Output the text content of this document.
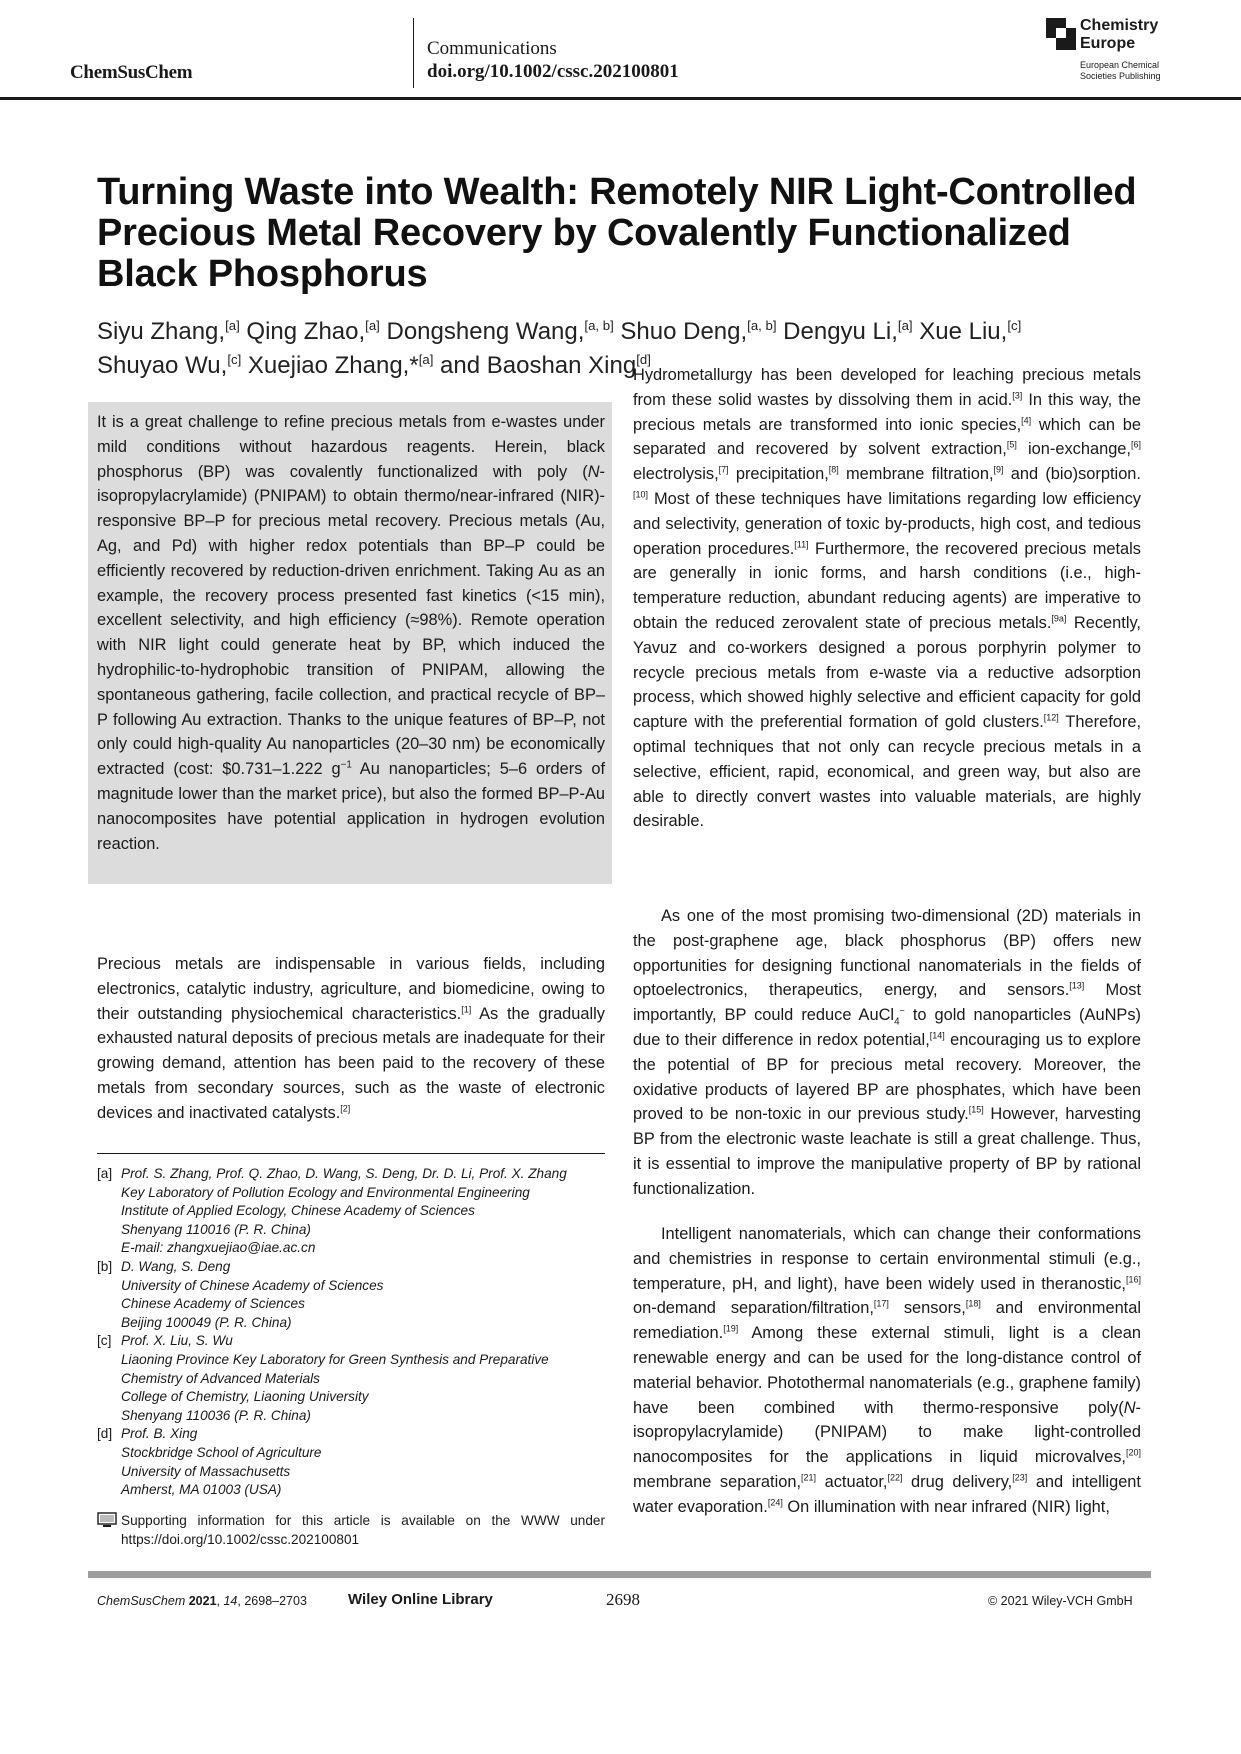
ChemSusChem
Communications
doi.org/10.1002/cssc.202100801
Chemistry
Europe
European Chemical
Societies Publishing
Turning Waste into Wealth: Remotely NIR Light-Controlled Precious Metal Recovery by Covalently Functionalized Black Phosphorus
Siyu Zhang,[a] Qing Zhao,[a] Dongsheng Wang,[a, b] Shuo Deng,[a, b] Dengyu Li,[a] Xue Liu,[c]
Shuyao Wu,[c] Xuejiao Zhang,*[a] and Baoshan Xing[d]
It is a great challenge to refine precious metals from e-wastes under mild conditions without hazardous reagents. Herein, black phosphorus (BP) was covalently functionalized with poly (N-isopropylacrylamide) (PNIPAM) to obtain thermo/near-infrared (NIR)-responsive BP–P for precious metal recovery. Precious metals (Au, Ag, and Pd) with higher redox potentials than BP–P could be efficiently recovered by reduction-driven enrichment. Taking Au as an example, the recovery process presented fast kinetics (<15 min), excellent selectivity, and high efficiency (≈98%). Remote operation with NIR light could generate heat by BP, which induced the hydrophilic-to-hydrophobic transition of PNIPAM, allowing the spontaneous gathering, facile collection, and practical recycle of BP–P following Au extraction. Thanks to the unique features of BP–P, not only could high-quality Au nanoparticles (20–30 nm) be economically extracted (cost: $0.731–1.222 $g^{-1}$ Au nanoparticles; 5–6 orders of magnitude lower than the market price), but also the formed BP–P-Au nanocomposites have potential application in hydrogen evolution reaction.
Precious metals are indispensable in various fields, including electronics, catalytic industry, agriculture, and biomedicine, owing to their outstanding physiochemical characteristics.[1] As the gradually exhausted natural deposits of precious metals are inadequate for their growing demand, attention has been paid to the recovery of these metals from secondary sources, such as the waste of electronic devices and inactivated catalysts.[2]
[a] Prof. S. Zhang, Prof. Q. Zhao, D. Wang, S. Deng, Dr. D. Li, Prof. X. Zhang
Key Laboratory of Pollution Ecology and Environmental Engineering
Institute of Applied Ecology, Chinese Academy of Sciences
Shenyang 110016 (P. R. China)
E-mail: zhangxuejiao@iae.ac.cn
[b] D. Wang, S. Deng
University of Chinese Academy of Sciences
Chinese Academy of Sciences
Beijing 100049 (P. R. China)
[c] Prof. X. Liu, S. Wu
Liaoning Province Key Laboratory for Green Synthesis and Preparative Chemistry of Advanced Materials
College of Chemistry, Liaoning University
Shenyang 110036 (P. R. China)
[d] Prof. B. Xing
Stockbridge School of Agriculture
University of Massachusetts
Amherst, MA 01003 (USA)
Supporting information for this article is available on the WWW under https://doi.org/10.1002/cssc.202100801
Hydrometallurgy has been developed for leaching precious metals from these solid wastes by dissolving them in acid.[3] In this way, the precious metals are transformed into ionic species,[4] which can be separated and recovered by solvent extraction,[5] ion-exchange,[6] electrolysis,[7] precipitation,[8] membrane filtration,[9] and (bio)sorption.[10] Most of these techniques have limitations regarding low efficiency and selectivity, generation of toxic by-products, high cost, and tedious operation procedures.[11] Furthermore, the recovered precious metals are generally in ionic forms, and harsh conditions (i.e., high-temperature reduction, abundant reducing agents) are imperative to obtain the reduced zerovalent state of precious metals.[9a] Recently, Yavuz and co-workers designed a porous porphyrin polymer to recycle precious metals from e-waste via a reductive adsorption process, which showed highly selective and efficient capacity for gold capture with the preferential formation of gold clusters.[12] Therefore, optimal techniques that not only can recycle precious metals in a selective, efficient, rapid, economical, and green way, but also are able to directly convert wastes into valuable materials, are highly desirable.
As one of the most promising two-dimensional (2D) materials in the post-graphene age, black phosphorus (BP) offers new opportunities for designing functional nanomaterials in the fields of optoelectronics, therapeutics, energy, and sensors.[13] Most importantly, BP could reduce AuCl$_4$− to gold nanoparticles (AuNPs) due to their difference in redox potential,[14] encouraging us to explore the potential of BP for precious metal recovery. Moreover, the oxidative products of layered BP are phosphates, which have been proved to be non-toxic in our previous study.[15] However, harvesting BP from the electronic waste leachate is still a great challenge. Thus, it is essential to improve the manipulative property of BP by rational functionalization.
Intelligent nanomaterials, which can change their conformations and chemistries in response to certain environmental stimuli (e.g., temperature, pH, and light), have been widely used in theranostic,[16] on-demand separation/filtration,[17] sensors,[18] and environmental remediation.[19] Among these external stimuli, light is a clean renewable energy and can be used for the long-distance control of material behavior. Photothermal nanomaterials (e.g., graphene family) have been combined with thermo-responsive poly(N-isopropylacrylamide) (PNIPAM) to make light-controlled nanocomposites for the applications in liquid microvalves,[20] membrane separation,[21] actuator,[22] drug delivery,[23] and intelligent water evaporation.[24] On illumination with near infrared (NIR) light,
ChemSusChem 2021, 14, 2698–2703	Wiley Online Library	2698	© 2021 Wiley-VCH GmbH
